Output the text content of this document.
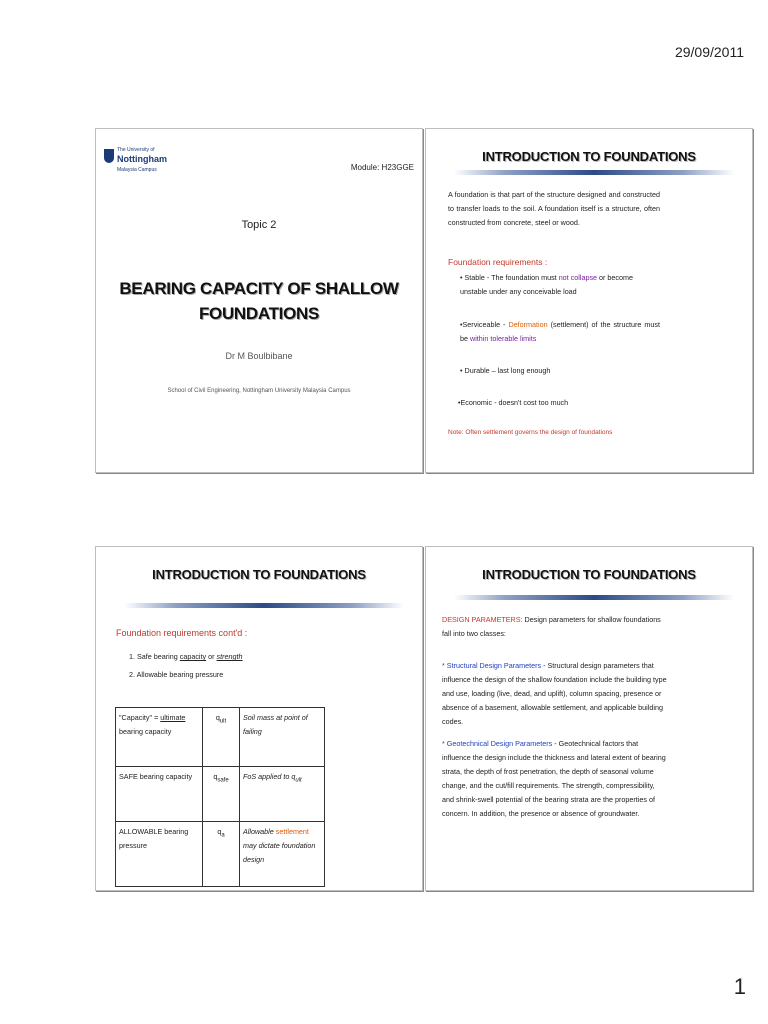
29/09/2011
The University of
Nottingham
Malaysia Campus	Module: H23GGE
Topic 2
BEARING CAPACITY OF SHALLOW
FOUNDATIONS
Dr M Boulbibane
School of Civil Engineering, Nottingham University Malaysia Campus
INTRODUCTION TO FOUNDATIONS
A foundation is that part of the structure designed and constructed to transfer loads to the soil. A foundation itself is a structure, often constructed from concrete, steel or wood.
Foundation requirements :
• Stable - The foundation must not collapse or become unstable under any conceivable load
•Serviceable - Deformation (settlement) of the structure must be within tolerable limits
• Durable – last long enough
•Economic - doesn't cost too much
Note: Often settlement governs the design of foundations
INTRODUCTION TO FOUNDATIONS
Foundation requirements cont'd :
1. Safe bearing capacity or strength
2. Allowable bearing pressure
"Capacity" = ultimate bearing capacity	$q_{ult}$	Soil mass at point of failing
SAFE bearing capacity	$q_{safe}$	FoS applied to $q_{ult}$
ALLOWABLE bearing pressure	$q_a$	Allowable settlement may dictate foundation design
INTRODUCTION TO FOUNDATIONS
DESIGN PARAMETERS: Design parameters for shallow foundations fall into two classes:
* Structural Design Parameters - Structural design parameters that influence the design of the shallow foundation include the building type and use, loading (live, dead, and uplift), column spacing, presence or absence of a basement, allowable settlement, and applicable building codes.
* Geotechnical Design Parameters - Geotechnical factors that influence the design include the thickness and lateral extent of bearing strata, the depth of frost penetration, the depth of seasonal volume change, and the cut/fill requirements. The strength, compressibility, and shrink-swell potential of the bearing strata are the properties of concern. In addition, the presence or absence of groundwater.
1
